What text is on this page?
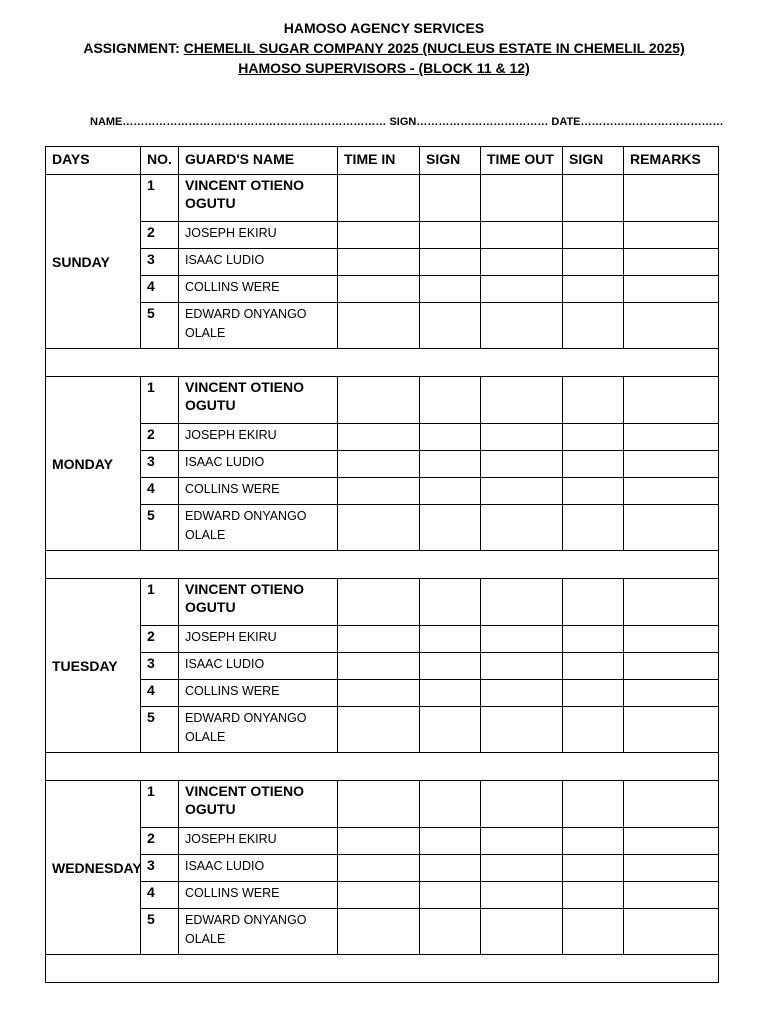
HAMOSO AGENCY SERVICES
ASSIGNMENT: CHEMELIL SUGAR COMPANY 2025 (NUCLEUS ESTATE IN CHEMELIL 2025)
HAMOSO SUPERVISORS - (BLOCK 11 & 12)
NAME……………………………………………………………… SIGN……………………………… DATE…………………………………
DAYS	NO.	GUARD'S NAME	TIME IN	SIGN	TIME OUT	SIGN	REMARKS
SUNDAY	1	VINCENT OTIENO OGUTU					
	2	JOSEPH EKIRU					
	3	ISAAC LUDIO					
	4	COLLINS WERE					
	5	EDWARD ONYANGO OLALE					

MONDAY	1	VINCENT OTIENO OGUTU					
	2	JOSEPH EKIRU					
	3	ISAAC LUDIO					
	4	COLLINS WERE					
	5	EDWARD ONYANGO OLALE					

TUESDAY	1	VINCENT OTIENO OGUTU					
	2	JOSEPH EKIRU					
	3	ISAAC LUDIO					
	4	COLLINS WERE					
	5	EDWARD ONYANGO OLALE					

WEDNESDAY	1	VINCENT OTIENO OGUTU					
	2	JOSEPH EKIRU					
	3	ISAAC LUDIO					
	4	COLLINS WERE					
	5	EDWARD ONYANGO OLALE					
